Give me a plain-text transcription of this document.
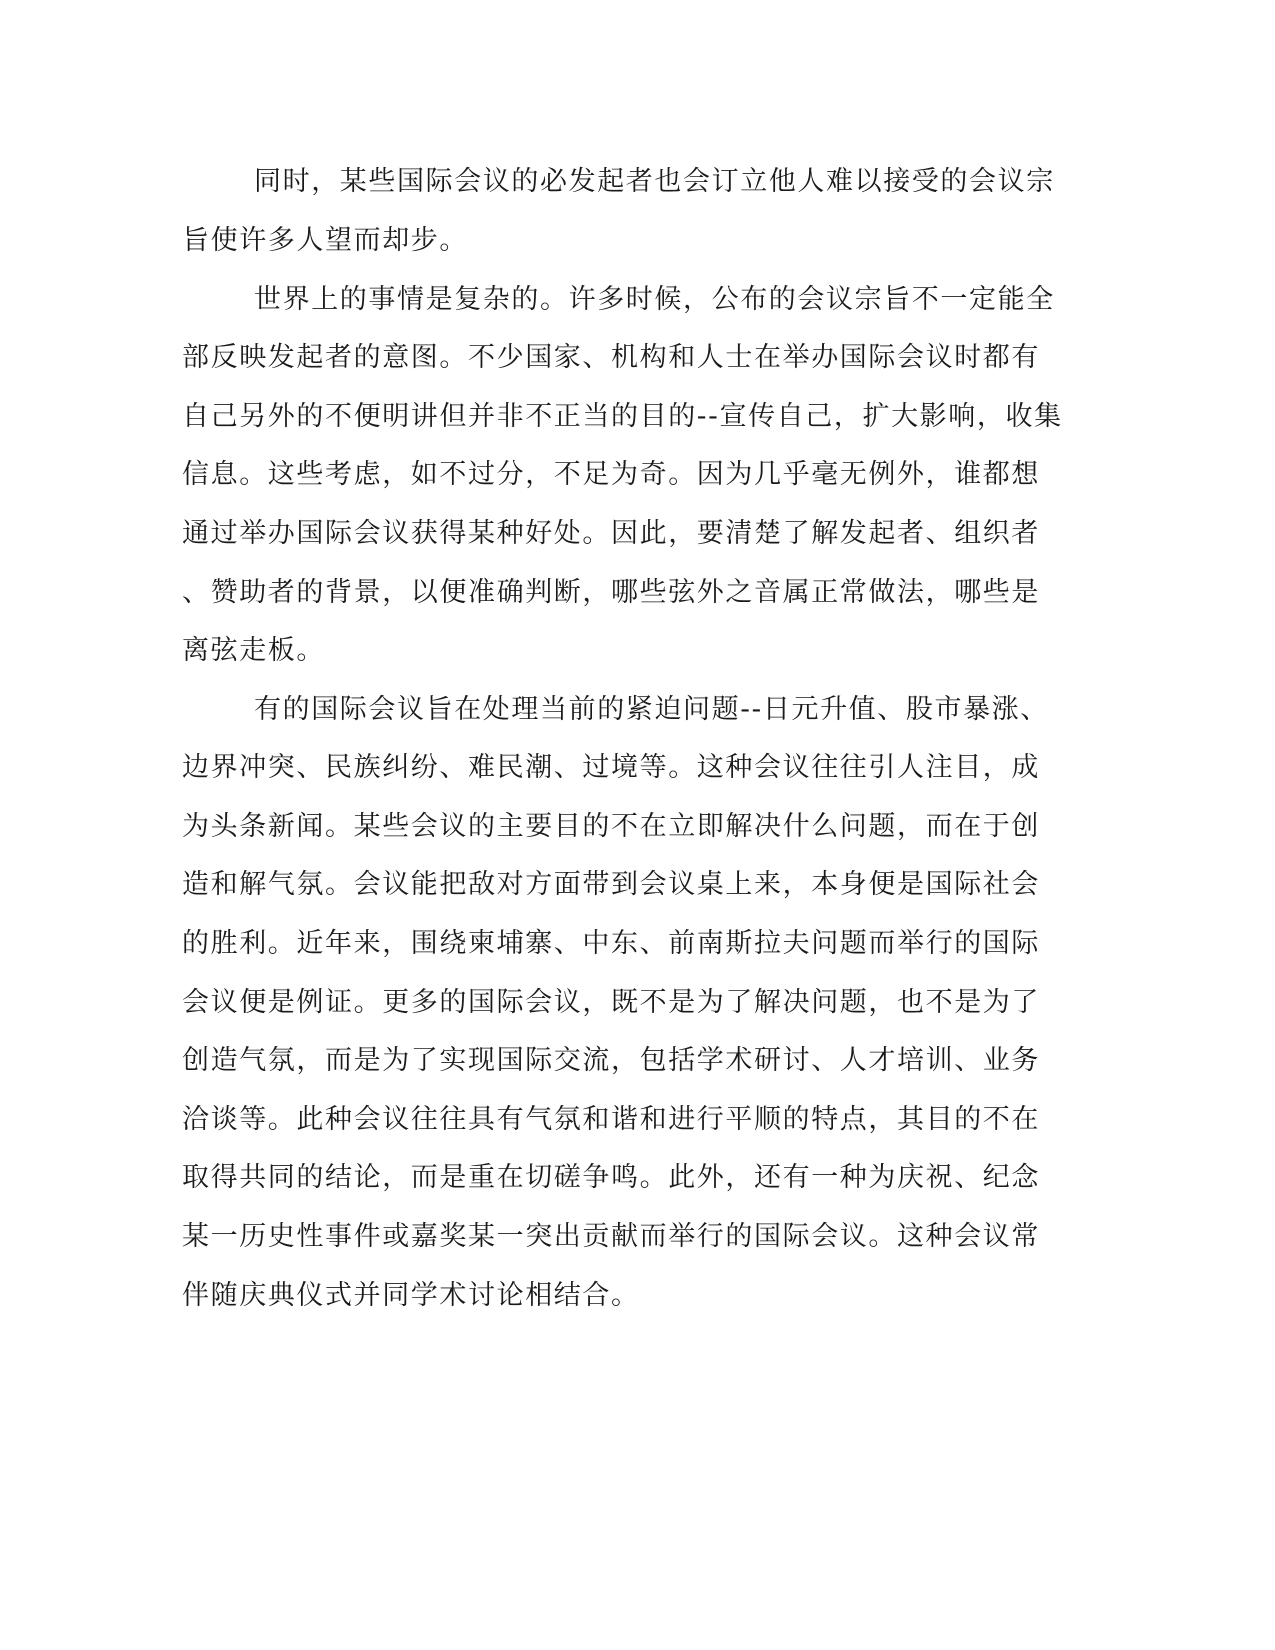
同时，某些国际会议的必发起者也会订立他人难以接受的会议宗
旨使许多人望而却步。
世界上的事情是复杂的。许多时候，公布的会议宗旨不一定能全
部反映发起者的意图。不少国家、机构和人士在举办国际会议时都有
自己另外的不便明讲但并非不正当的目的--宣传自己，扩大影响，收集
信息。这些考虑，如不过分，不足为奇。因为几乎毫无例外，谁都想
通过举办国际会议获得某种好处。因此，要清楚了解发起者、组织者
、赞助者的背景，以便准确判断，哪些弦外之音属正常做法，哪些是
离弦走板。
有的国际会议旨在处理当前的紧迫问题--日元升值、股市暴涨、
边界冲突、民族纠纷、难民潮、过境等。这种会议往往引人注目，成
为头条新闻。某些会议的主要目的不在立即解决什么问题，而在于创
造和解气氛。会议能把敌对方面带到会议桌上来，本身便是国际社会
的胜利。近年来，围绕柬埔寨、中东、前南斯拉夫问题而举行的国际
会议便是例证。更多的国际会议，既不是为了解决问题，也不是为了
创造气氛，而是为了实现国际交流，包括学术研讨、人才培训、业务
洽谈等。此种会议往往具有气氛和谐和进行平顺的特点，其目的不在
取得共同的结论，而是重在切磋争鸣。此外，还有一种为庆祝、纪念
某一历史性事件或嘉奖某一突出贡献而举行的国际会议。这种会议常
伴随庆典仪式并同学术讨论相结合。
